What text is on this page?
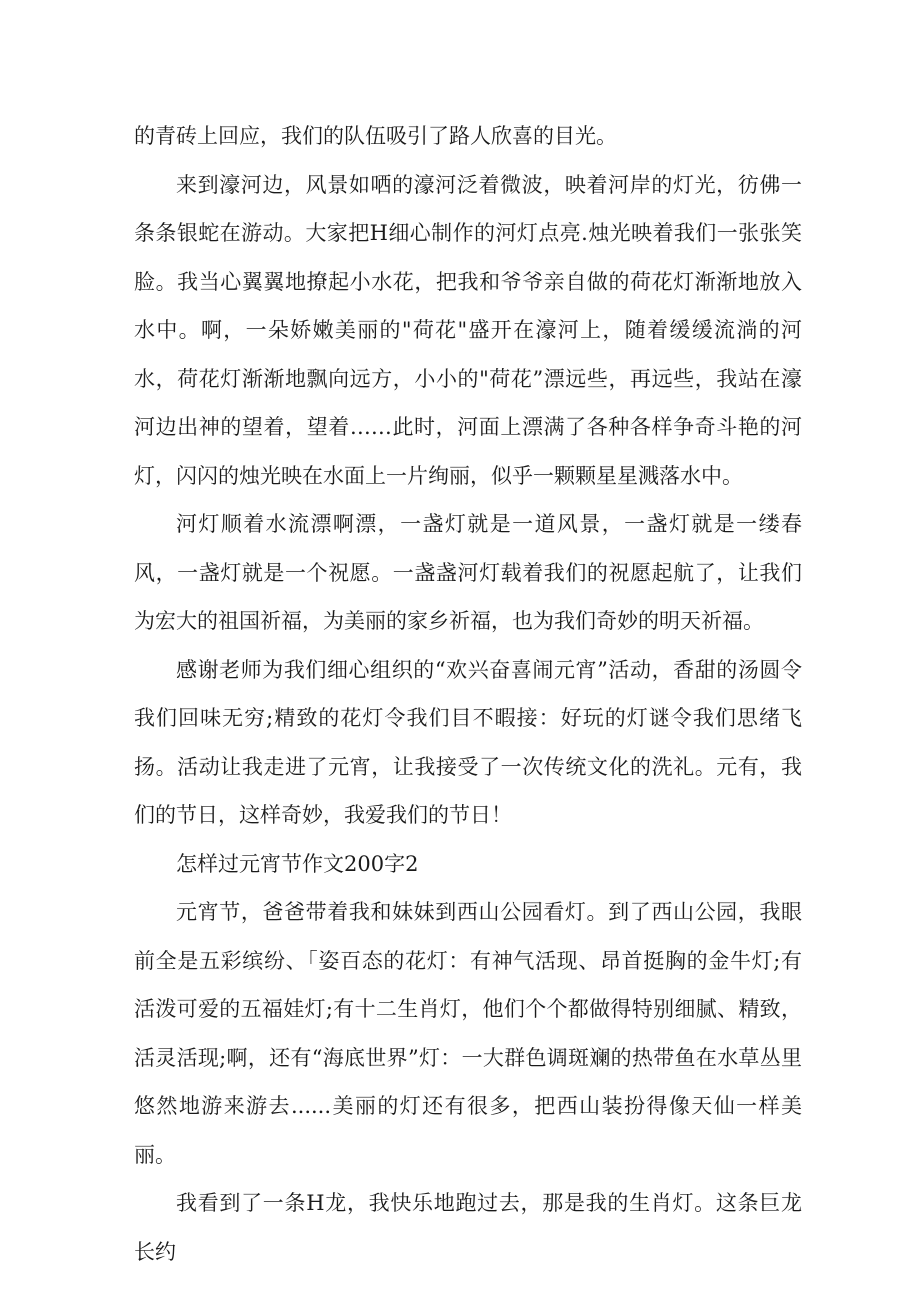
的青砖上回应，我们的队伍吸引了路人欣喜的目光。

来到濠河边，风景如哂的濠河泛着微波，映着河岸的灯光，彷佛一条条银蛇在游动。大家把H细心制作的河灯点亮.烛光映着我们一张张笑脸。我当心翼翼地撩起小水花，把我和爷爷亲自做的荷花灯渐渐地放入水中。啊，一朵娇嫩美丽的"荷花"盛开在濠河上，随着缓缓流淌的河水，荷花灯渐渐地飘向远方，小小的"荷花”漂远些，再远些，我站在濠河边出神的望着，望着……此时，河面上漂满了各种各样争奇斗艳的河灯，闪闪的烛光映在水面上一片绚丽，似乎一颗颗星星溅落水中。

河灯顺着水流漂啊漂，一盏灯就是一道风景，一盏灯就是一缕春风，一盏灯就是一个祝愿。一盏盏河灯载着我们的祝愿起航了，让我们为宏大的祖国祈福，为美丽的家乡祈福，也为我们奇妙的明天祈福。

感谢老师为我们细心组织的“欢兴奋喜闹元宵”活动，香甜的汤圆令我们回味无穷;精致的花灯令我们目不暇接：好玩的灯谜令我们思绪飞扬。活动让我走进了元宵，让我接受了一次传统文化的洗礼。元有，我们的节日，这样奇妙，我爱我们的节日！

怎样过元宵节作文200字2

元宵节，爸爸带着我和妹妹到西山公园看灯。到了西山公园，我眼前全是五彩缤纷、「姿百态的花灯：有神气活现、昂首挺胸的金牛灯;有活泼可爱的五福娃灯;有十二生肖灯，他们个个都做得特别细腻、精致，活灵活现;啊，还有“海底世界”灯：一大群色调斑斓的热带鱼在水草丛里悠然地游来游去......美丽的灯还有很多，把西山装扮得像天仙一样美丽。

我看到了一条H龙，我快乐地跑过去，那是我的生肖灯。这条巨龙长约
